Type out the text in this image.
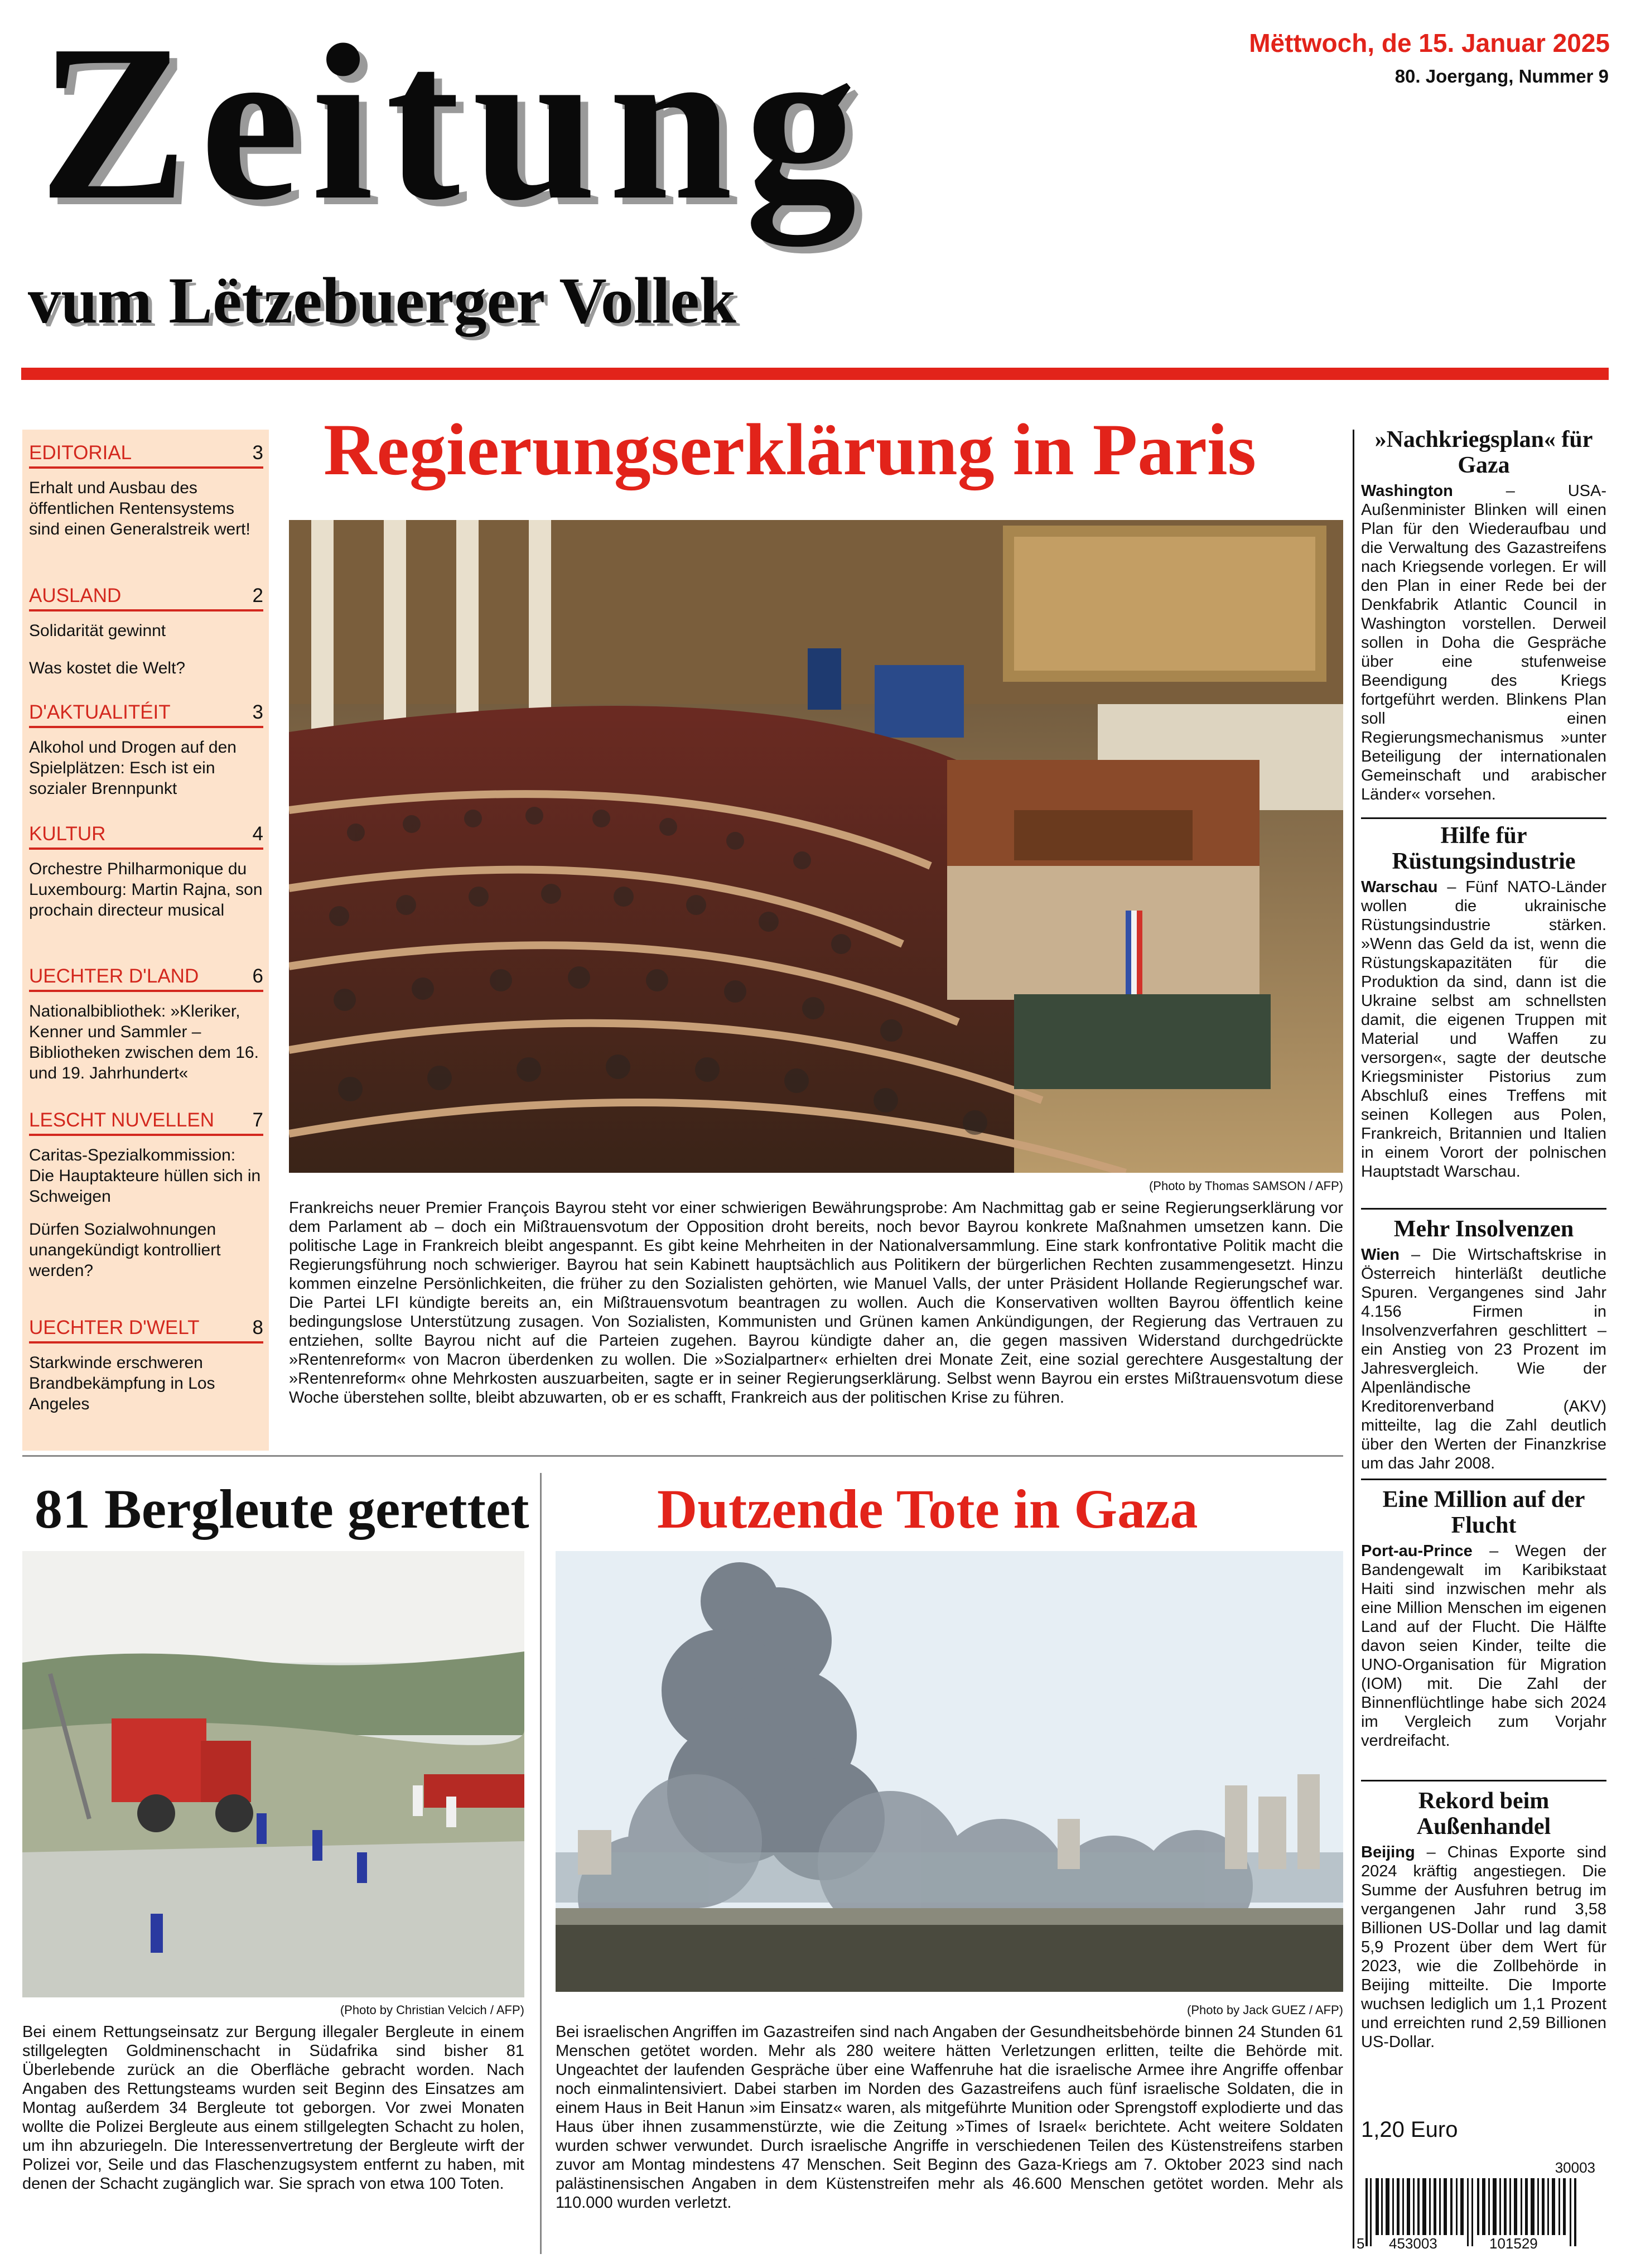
Zeitung
vum Lëtzebuerger Vollek
Mëttwoch, de 15. Januar 2025
80. Joergang, Nummer 9
EDITORIAL	3
Erhalt und Ausbau des öffentlichen Rentensystems sind einen Generalstreik wert!
AUSLAND	2
Solidarität gewinnt
Was kostet die Welt?
D'AKTUALITÉIT	3
Alkohol und Drogen auf den Spielplätzen: Esch ist ein sozialer Brennpunkt
KULTUR	4
Orchestre Philharmonique du Luxembourg: Martin Rajna, son prochain directeur musical
UECHTER D'LAND	6
Nationalbibliothek: »Kleriker, Kenner und Sammler – Bibliotheken zwischen dem 16. und 19. Jahrhundert«
LESCHT NUVELLEN 7
Caritas-Spezialkommission: Die Hauptakteure hüllen sich in Schweigen
Dürfen Sozialwohnungen unangekündigt kontrolliert werden?
UECHTER D'WELT	8
Starkwinde erschweren Brandbekämpfung in Los Angeles
Regierungserklärung in Paris
(Photo by Thomas SAMSON / AFP)
Frankreichs neuer Premier François Bayrou steht vor einer schwierigen Bewährungsprobe: Am Nachmittag gab er seine Regierungserklärung vor dem Parlament ab – doch ein Mißtrauensvotum der Opposition droht bereits, noch bevor Bayrou konkrete Maßnahmen umsetzen kann. Die politische Lage in Frankreich bleibt angespannt. Es gibt keine Mehrheiten in der Nationalversammlung. Eine stark konfrontative Politik macht die Regierungsführung noch schwieriger. Bayrou hat sein Kabinett hauptsächlich aus Politikern der bürgerlichen Rechten zusammengesetzt. Hinzu kommen einzelne Persönlichkeiten, die früher zu den Sozialisten gehörten, wie Manuel Valls, der unter Präsident Hollande Regierungschef war. Die Partei LFI kündigte bereits an, ein Mißtrauensvotum beantragen zu wollen. Auch die Konservativen wollten Bayrou öffentlich keine bedingungslose Unterstützung zusagen. Von Sozialisten, Kommunisten und Grünen kamen Ankündigungen, der Regierung das Vertrauen zu entziehen, sollte Bayrou nicht auf die Parteien zugehen. Bayrou kündigte daher an, die gegen massiven Widerstand durchgedrückte »Rentenreform« von Macron überdenken zu wollen. Die »Sozialpartner« erhielten drei Monate Zeit, eine sozial gerechtere Ausgestaltung der »Rentenreform« ohne Mehrkosten auszuarbeiten, sagte er in seiner Regierungserklärung. Selbst wenn Bayrou ein erstes Mißtrauensvotum diese Woche überstehen sollte, bleibt abzuwarten, ob er es schafft, Frankreich aus der politischen Krise zu führen.
81 Bergleute gerettet
(Photo by Christian Velcich / AFP)
Bei einem Rettungseinsatz zur Bergung illegaler Bergleute in einem stillgelegten Goldminenschacht in Südafrika sind bisher 81 Überlebende zurück an die Oberfläche gebracht worden. Nach Angaben des Rettungsteams wurden seit Beginn des Einsatzes am Montag außerdem 34 Bergleute tot geborgen. Vor zwei Monaten wollte die Polizei Bergleute aus einem stillgelegten Schacht zu holen, um ihn abzuriegeln. Die Interessenvertretung der Bergleute wirft der Polizei vor, Seile und das Flaschenzugsystem entfernt zu haben, mit denen der Schacht zugänglich war. Sie sprach von etwa 100 Toten.
Dutzende Tote in Gaza
(Photo by Jack GUEZ / AFP)
Bei israelischen Angriffen im Gazastreifen sind nach Angaben der Gesundheitsbehörde binnen 24 Stunden 61 Menschen getötet worden. Mehr als 280 weitere hätten Verletzungen erlitten, teilte die Behörde mit. Ungeachtet der laufenden Gespräche über eine Waffenruhe hat die israelische Armee ihre Angriffe offenbar noch einmalintensiviert. Dabei starben im Norden des Gazastreifens auch fünf israelische Soldaten, die in einem Haus in Beit Hanun »im Einsatz« waren, als mitgeführte Munition oder Sprengstoff explodierte und das Haus über ihnen zusammenstürzte, wie die Zeitung »Times of Israel« berichtete. Acht weitere Soldaten wurden schwer verwundet. Durch israelische Angriffe in verschiedenen Teilen des Küstenstreifens starben zuvor am Montag mindestens 47 Menschen. Seit Beginn des Gaza-Kriegs am 7. Oktober 2023 sind nach palästinensischen Angaben in dem Küstenstreifen mehr als 46.600 Menschen getötet worden. Mehr als 110.000 wurden verletzt.
»Nachkriegsplan« für Gaza
Washington – USA-Außenminister Blinken will einen Plan für den Wiederaufbau und die Verwaltung des Gazastreifens nach Kriegsende vorlegen. Er will den Plan in einer Rede bei der Denkfabrik Atlantic Council in Washington vorstellen. Derweil sollen in Doha die Gespräche über eine stufenweise Beendigung des Kriegs fortgeführt werden. Blinkens Plan soll einen Regierungsmechanismus »unter Beteiligung der internationalen Gemeinschaft und arabischer Länder« vorsehen.
Hilfe für Rüstungsindustrie
Warschau – Fünf NATO-Länder wollen die ukrainische Rüstungsindustrie stärken. »Wenn das Geld da ist, wenn die Rüstungskapazitäten für die Produktion da sind, dann ist die Ukraine selbst am schnellsten damit, die eigenen Truppen mit Material und Waffen zu versorgen«, sagte der deutsche Kriegsminister Pistorius zum Abschluß eines Treffens mit seinen Kollegen aus Polen, Frankreich, Britannien und Italien in einem Vorort der polnischen Hauptstadt Warschau.
Mehr Insolvenzen
Wien – Die Wirtschaftskrise in Österreich hinterläßt deutliche Spuren. Vergangenes sind Jahr 4.156 Firmen in Insolvenzverfahren geschlittert – ein Anstieg von 23 Prozent im Jahresvergleich. Wie der Alpenländische Kreditorenverband (AKV) mitteilte, lag die Zahl deutlich über den Werten der Finanzkrise um das Jahr 2008.
Eine Million auf der Flucht
Port-au-Prince – Wegen der Bandengewalt im Karibikstaat Haiti sind inzwischen mehr als eine Million Menschen im eigenen Land auf der Flucht. Die Hälfte davon seien Kinder, teilte die UNO-Organisation für Migration (IOM) mit. Die Zahl der Binnenflüchtlinge habe sich 2024 im Vergleich zum Vorjahr verdreifacht.
Rekord beim Außenhandel
Beijing – Chinas Exporte sind 2024 kräftig angestiegen. Die Summe der Ausfuhren betrug im vergangenen Jahr rund 3,58 Billionen US-Dollar und lag damit 5,9 Prozent über dem Wert für 2023, wie die Zollbehörde in Beijing mitteilte. Die Importe wuchsen lediglich um 1,1 Prozent und erreichten rund 2,59 Billionen US-Dollar.
1,20 Euro
30003
5 453003	101529
